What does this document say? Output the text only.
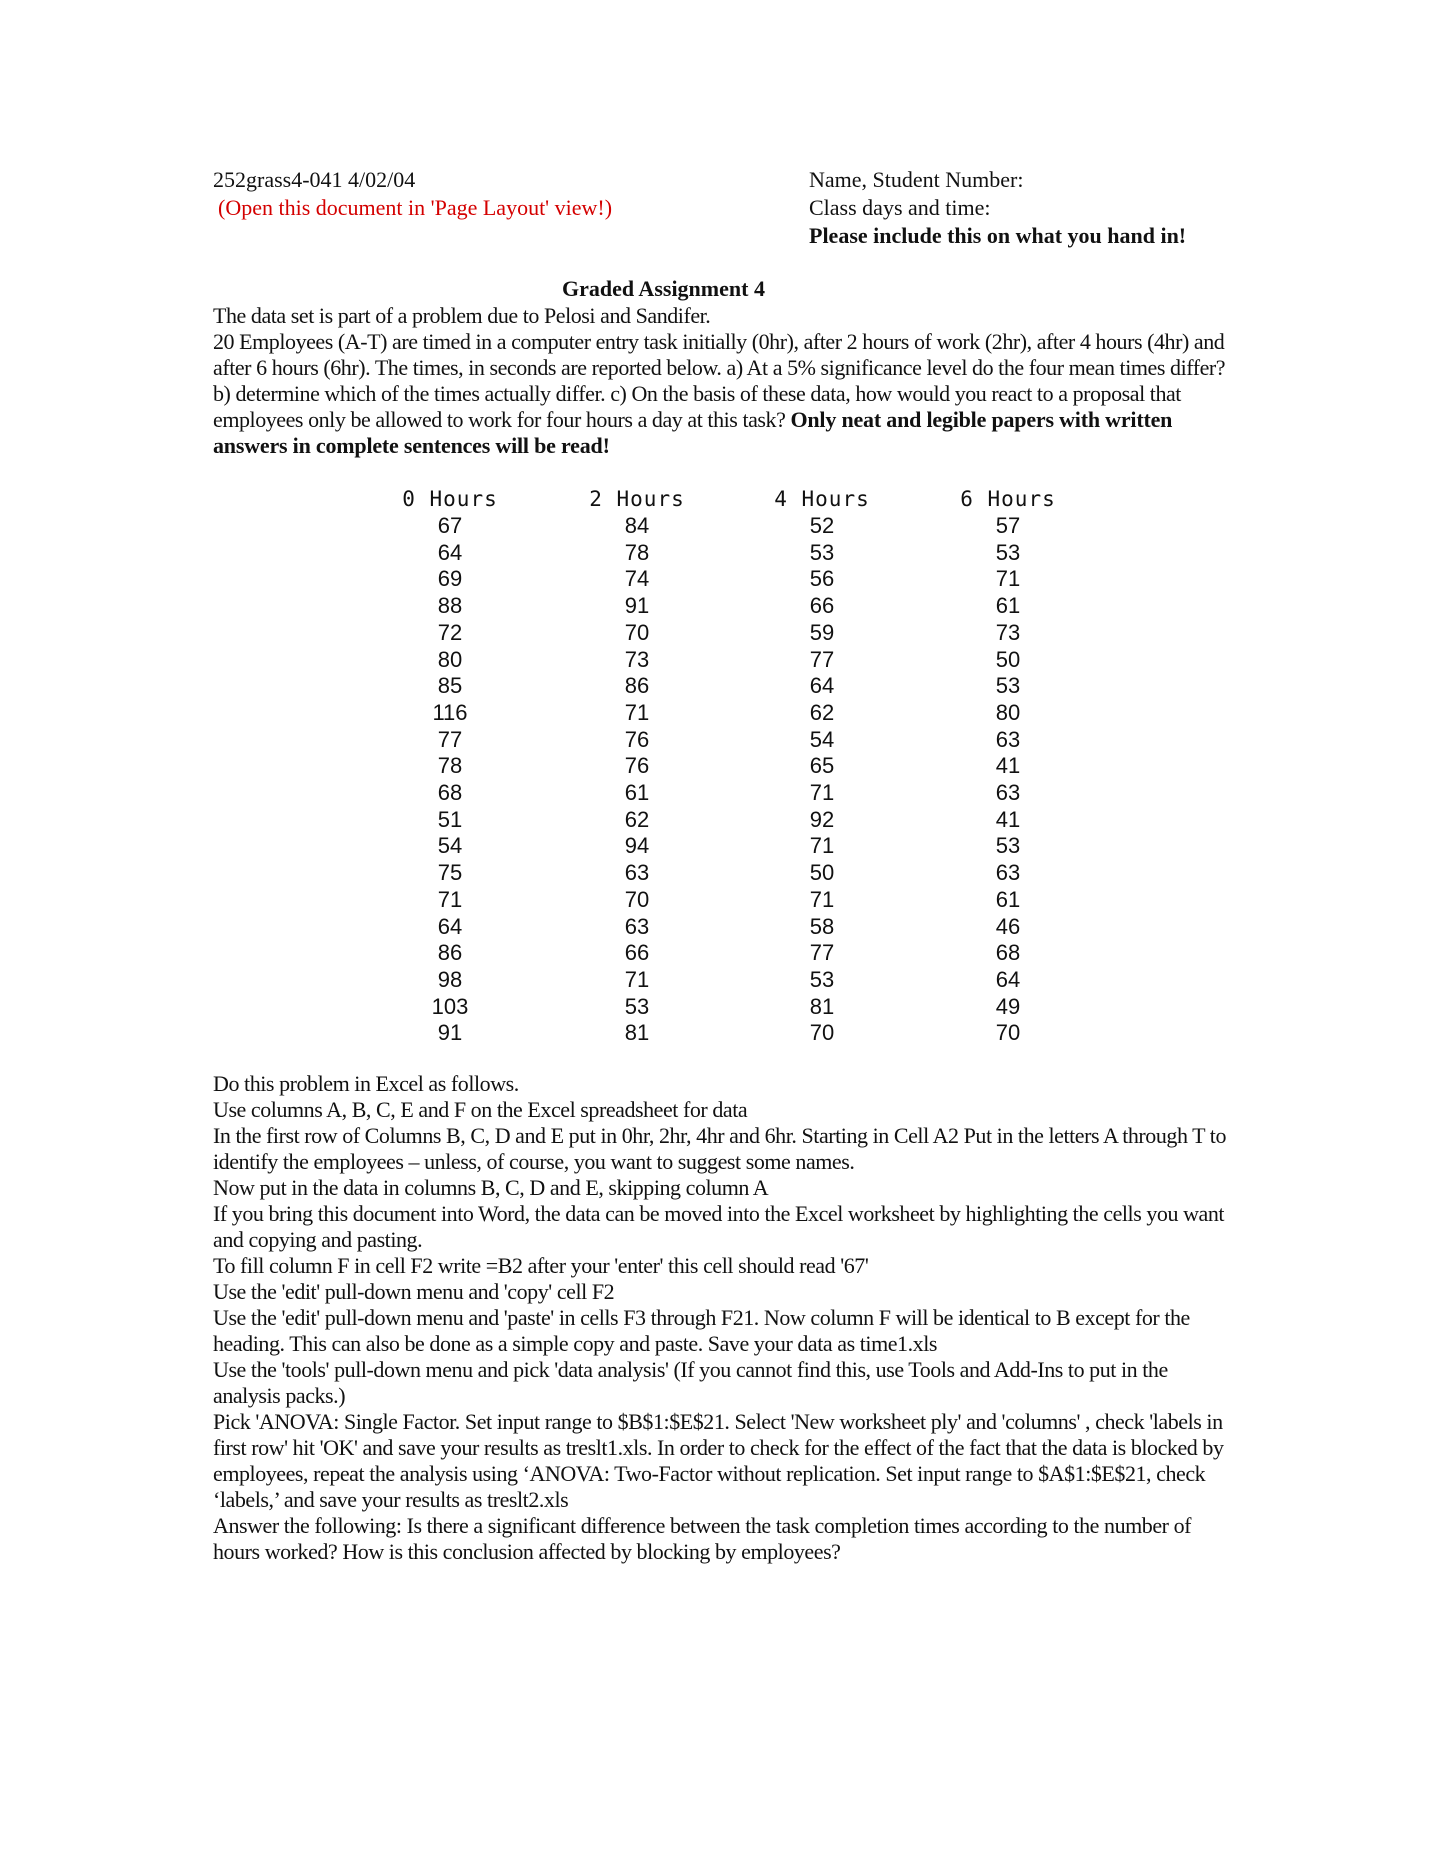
252grass4-041 4/02/04
(Open this document in 'Page Layout' view!)
Name, Student Number:
Class days and time:
Please include this on what you hand in!
Graded Assignment 4

The data set is part of a problem due to Pelosi and Sandifer.

20 Employees (A-T) are timed in a computer entry task initially (0hr), after 2 hours of work (2hr), after 4 hours (4hr) and after 6 hours (6hr). The times, in seconds are reported below. a) At a 5% significance level do the four mean times differ? b) determine which of the times actually differ. c) On the basis of these data, how would you react to a proposal that employees only be allowed to work for four hours a day at this task? Only neat and legible papers with written answers in complete sentences will be read!

0 Hours
67
64
69
88
72
80
85
116
77
78
68
51
54
75
71
64
86
98
103
91
2 Hours
84
78
74
91
70
73
86
71
76
76
61
62
94
63
70
63
66
71
53
81
4 Hours
52
53
56
66
59
77
64
62
54
65
71
92
71
50
71
58
77
53
81
70
6 Hours
57
53
71
61
73
50
53
80
63
41
63
41
53
63
61
46
68
64
49
70

Do this problem in Excel as follows.

Use columns A, B, C, E and F on the Excel spreadsheet for data

In the first row of Columns B, C, D and E put in 0hr, 2hr, 4hr and 6hr. Starting in Cell A2 Put in the letters A through T to identify the employees – unless, of course, you want to suggest some names.

Now put in the data in columns B, C, D and E, skipping column A

If you bring this document into Word, the data can be moved into the Excel worksheet by highlighting the cells you want and copying and pasting.

To fill column F in cell F2 write =B2 after your 'enter' this cell should read '67'

Use the 'edit' pull-down menu and 'copy' cell F2

Use the 'edit' pull-down menu and 'paste' in cells F3 through F21. Now column F will be identical to B except for the heading. This can also be done as a simple copy and paste. Save your data as time1.xls

Use the 'tools' pull-down menu and pick 'data analysis' (If you cannot find this, use Tools and Add-Ins to put in the analysis packs.)

Pick 'ANOVA: Single Factor. Set input range to $B$1:$E$21. Select 'New worksheet ply' and 'columns' , check 'labels in first row' hit 'OK' and save your results as treslt1.xls. In order to check for the effect of the fact that the data is blocked by employees, repeat the analysis using ‘ANOVA: Two-Factor without replication. Set input range to $A$1:$E$21, check ‘labels,’ and save your results as treslt2.xls

Answer the following: Is there a significant difference between the task completion times according to the number of hours worked? How is this conclusion affected by blocking by employees?
